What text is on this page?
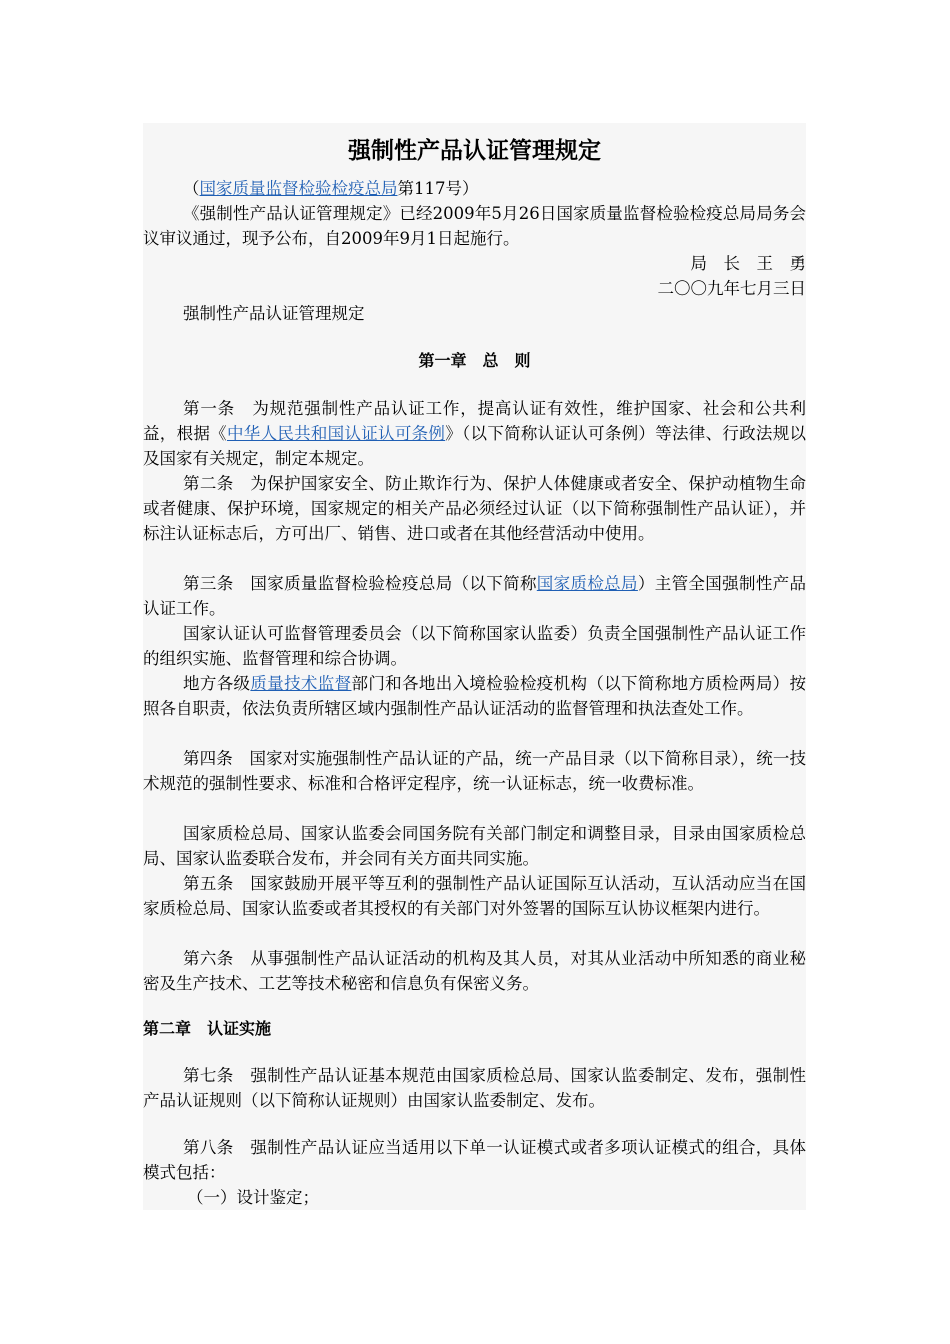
强制性产品认证管理规定
（国家质量监督检验检疫总局第117号）
《强制性产品认证管理规定》已经2009年5月26日国家质量监督检验检疫总局局务会议审议通过，现予公布，自2009年9月1日起施行。
局　长　王　勇
二〇〇九年七月三日
强制性产品认证管理规定
第一章　总　则
第一条　为规范强制性产品认证工作，提高认证有效性，维护国家、社会和公共利益，根据《中华人民共和国认证认可条例》（以下简称认证认可条例）等法律、行政法规以及国家有关规定，制定本规定。
第二条　为保护国家安全、防止欺诈行为、保护人体健康或者安全、保护动植物生命或者健康、保护环境，国家规定的相关产品必须经过认证（以下简称强制性产品认证），并标注认证标志后，方可出厂、销售、进口或者在其他经营活动中使用。
第三条　国家质量监督检验检疫总局（以下简称国家质检总局）主管全国强制性产品认证工作。
国家认证认可监督管理委员会（以下简称国家认监委）负责全国强制性产品认证工作的组织实施、监督管理和综合协调。
地方各级质量技术监督部门和各地出入境检验检疫机构（以下简称地方质检两局）按照各自职责，依法负责所辖区域内强制性产品认证活动的监督管理和执法查处工作。
第四条　国家对实施强制性产品认证的产品，统一产品目录（以下简称目录），统一技术规范的强制性要求、标准和合格评定程序，统一认证标志，统一收费标准。
国家质检总局、国家认监委会同国务院有关部门制定和调整目录，目录由国家质检总局、国家认监委联合发布，并会同有关方面共同实施。
第五条　国家鼓励开展平等互利的强制性产品认证国际互认活动，互认活动应当在国家质检总局、国家认监委或者其授权的有关部门对外签署的国际互认协议框架内进行。
第六条　从事强制性产品认证活动的机构及其人员，对其从业活动中所知悉的商业秘密及生产技术、工艺等技术秘密和信息负有保密义务。
第二章　认证实施
第七条　强制性产品认证基本规范由国家质检总局、国家认监委制定、发布，强制性产品认证规则（以下简称认证规则）由国家认监委制定、发布。
第八条　强制性产品认证应当适用以下单一认证模式或者多项认证模式的组合，具体模式包括：
（一）设计鉴定；
